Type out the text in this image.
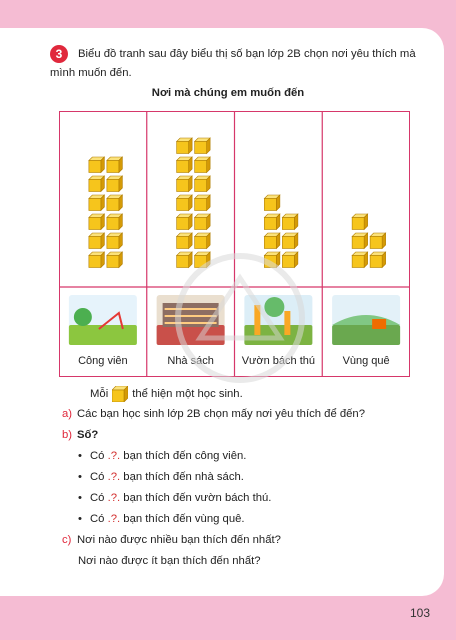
103
3	Biểu đồ tranh sau đây biểu thị số bạn lớp 2B chọn nơi yêu thích mà
mình muốn đến.
Nơi mà chúng em muốn đến
Công viên	Nhà sách	Vườn bách thú	Vùng quê
Mỗi thể hiện một học sinh.
a) Các bạn học sinh lớp 2B chọn mấy nơi yêu thích để đến?
b) Số?
• Có .?. bạn thích đến công viên.
• Có .?. bạn thích đến nhà sách.
• Có .?. bạn thích đến vườn bách thú.
• Có .?. bạn thích đến vùng quê.
c) Nơi nào được nhiều bạn thích đến nhất?
Nơi nào được ít bạn thích đến nhất?
